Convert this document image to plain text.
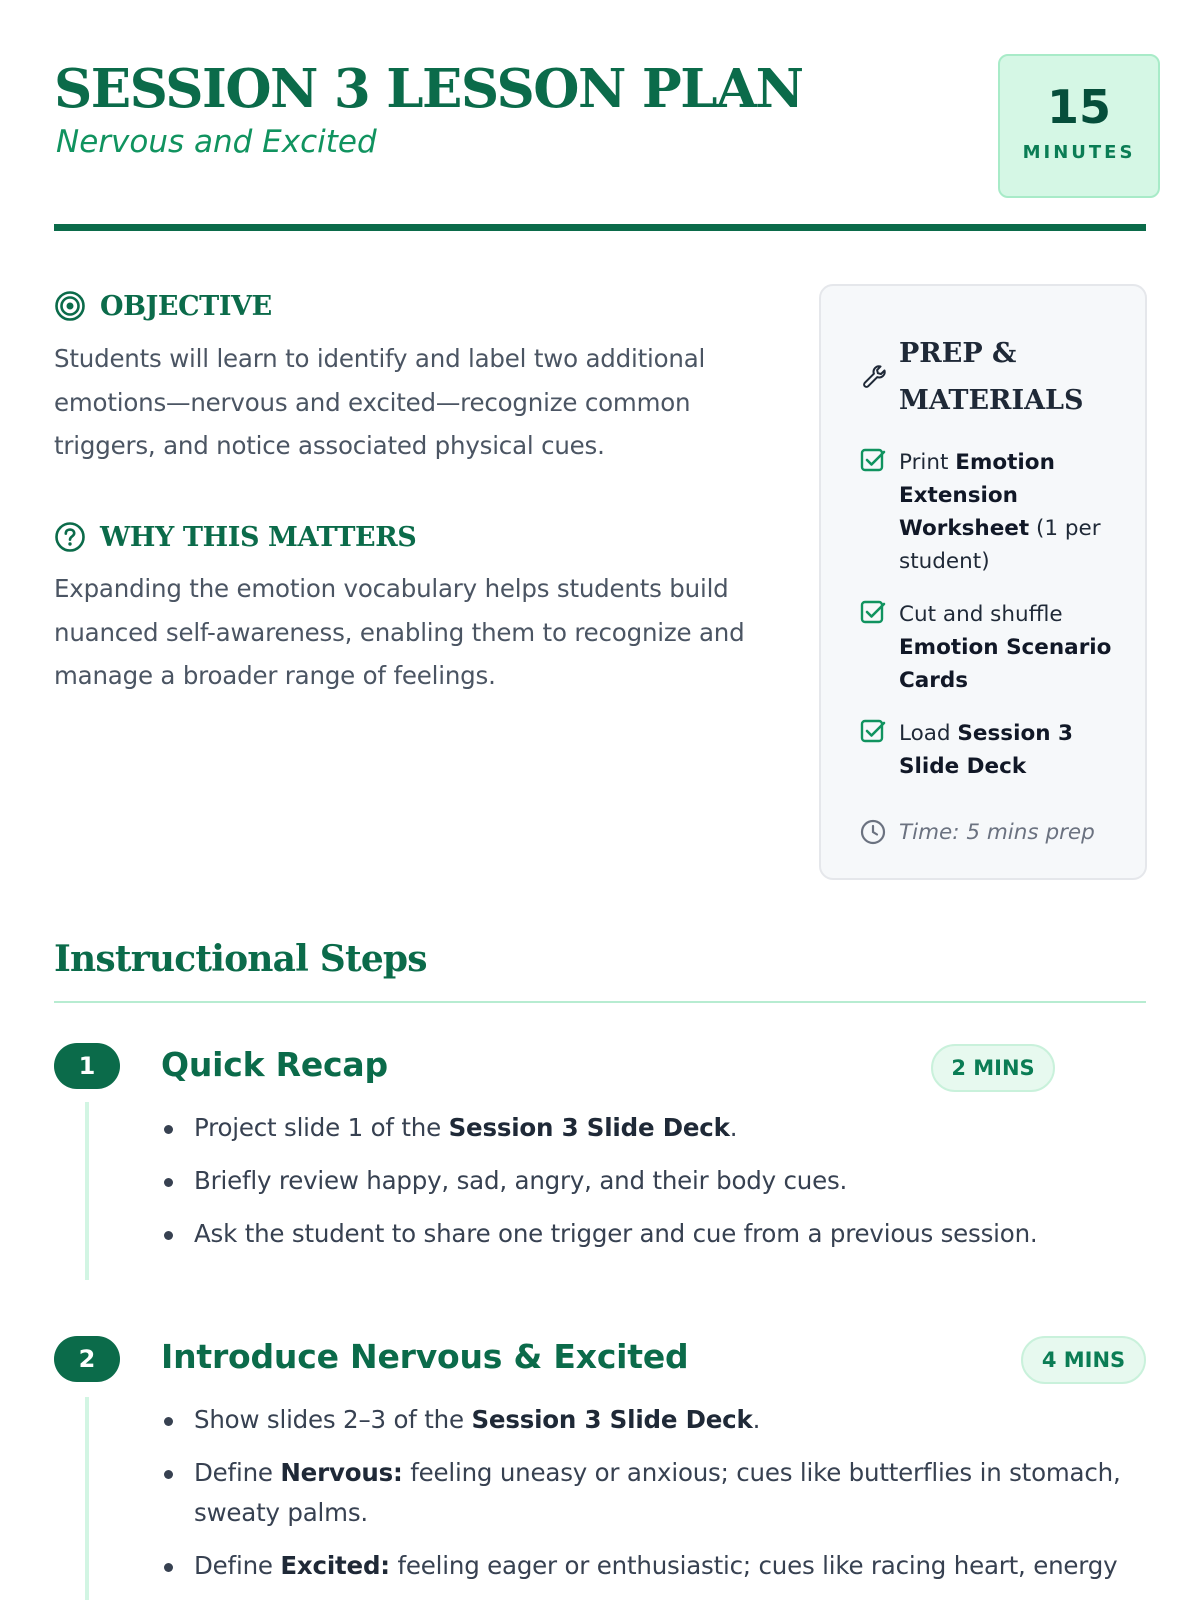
SESSION 3 LESSON PLAN
Nervous and Excited
15
MINUTES
OBJECTIVE

Students will learn to identify and label two additional emotions—nervous and excited—recognize common triggers, and notice associated physical cues.

WHY THIS MATTERS

Expanding the emotion vocabulary helps students build nuanced self-awareness, enabling them to recognize and manage a broader range of feelings.

PREP & MATERIALS
Print Emotion Extension Worksheet (1 per student)
Cut and shuffle Emotion Scenario Cards
Load Session 3 Slide Deck
Time: 5 mins prep
Instructional Steps
1	Quick Recap	2 MINS
Project slide 1 of the Session 3 Slide Deck.
Briefly review happy, sad, angry, and their body cues.
Ask the student to share one trigger and cue from a previous session.
2	Introduce Nervous & Excited	4 MINS
Show slides 2–3 of the Session 3 Slide Deck.
Define Nervous: feeling uneasy or anxious; cues like butterflies in stomach, sweaty palms.
Define Excited: feeling eager or enthusiastic; cues like racing heart, energy
